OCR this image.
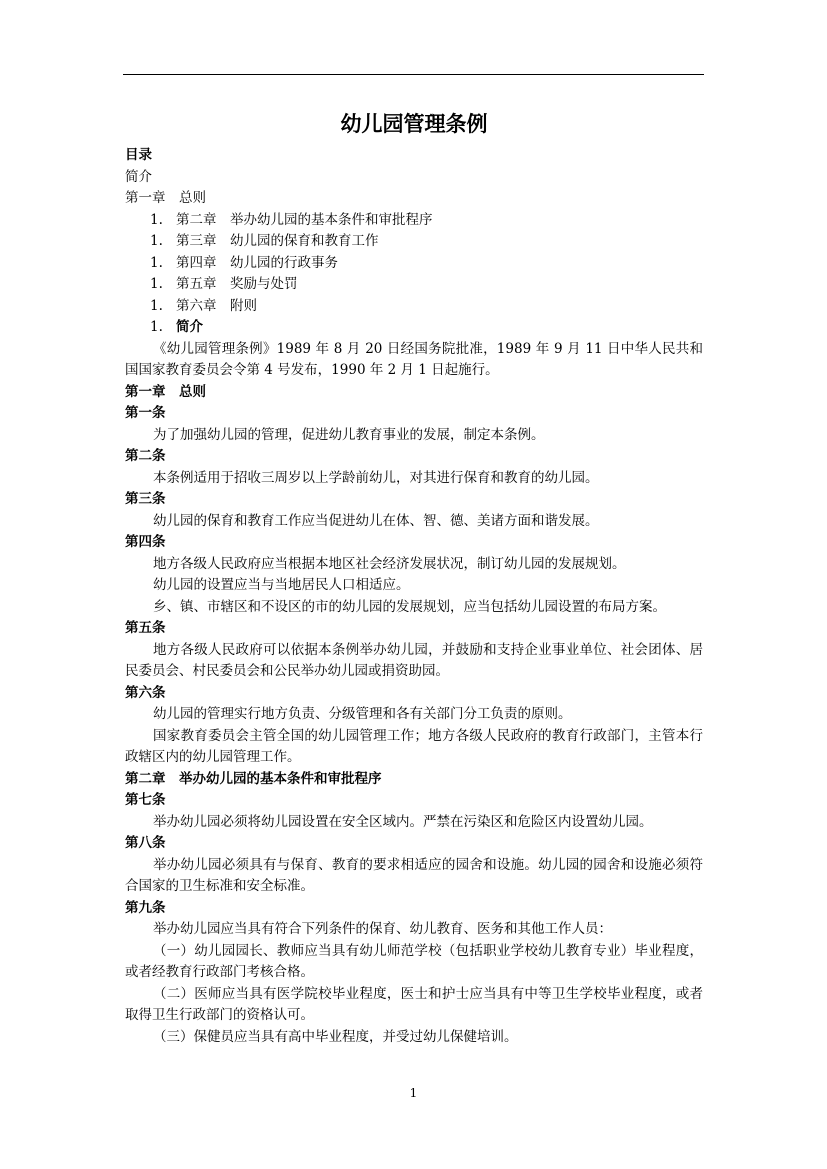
幼儿园管理条例
目录
简介
第一章　总则
1. 第二章　举办幼儿园的基本条件和审批程序
1. 第三章　幼儿园的保育和教育工作
1. 第四章　幼儿园的行政事务
1. 第五章　奖励与处罚
1. 第六章　附则
1. 简介

《幼儿园管理条例》1989 年 8 月 20 日经国务院批准，1989 年 9 月 11 日中华人民共和国国家教育委员会令第 4 号发布，1990 年 2 月 1 日起施行。

第一章　总则
第一条

为了加强幼儿园的管理，促进幼儿教育事业的发展，制定本条例。

第二条

本条例适用于招收三周岁以上学龄前幼儿，对其进行保育和教育的幼儿园。

第三条

幼儿园的保育和教育工作应当促进幼儿在体、智、德、美诸方面和谐发展。

第四条

地方各级人民政府应当根据本地区社会经济发展状况，制订幼儿园的发展规划。

幼儿园的设置应当与当地居民人口相适应。

乡、镇、市辖区和不设区的市的幼儿园的发展规划，应当包括幼儿园设置的布局方案。

第五条

地方各级人民政府可以依据本条例举办幼儿园，并鼓励和支持企业事业单位、社会团体、居民委员会、村民委员会和公民举办幼儿园或捐资助园。

第六条

幼儿园的管理实行地方负责、分级管理和各有关部门分工负责的原则。

国家教育委员会主管全国的幼儿园管理工作；地方各级人民政府的教育行政部门，主管本行政辖区内的幼儿园管理工作。

第二章　举办幼儿园的基本条件和审批程序
第七条

举办幼儿园必须将幼儿园设置在安全区域内。严禁在污染区和危险区内设置幼儿园。

第八条

举办幼儿园必须具有与保育、教育的要求相适应的园舍和设施。幼儿园的园舍和设施必须符合国家的卫生标准和安全标准。

第九条

举办幼儿园应当具有符合下列条件的保育、幼儿教育、医务和其他工作人员：

（一）幼儿园园长、教师应当具有幼儿师范学校（包括职业学校幼儿教育专业）毕业程度，或者经教育行政部门考核合格。

（二）医师应当具有医学院校毕业程度，医士和护士应当具有中等卫生学校毕业程度，或者取得卫生行政部门的资格认可。

（三）保健员应当具有高中毕业程度，并受过幼儿保健培训。

1
